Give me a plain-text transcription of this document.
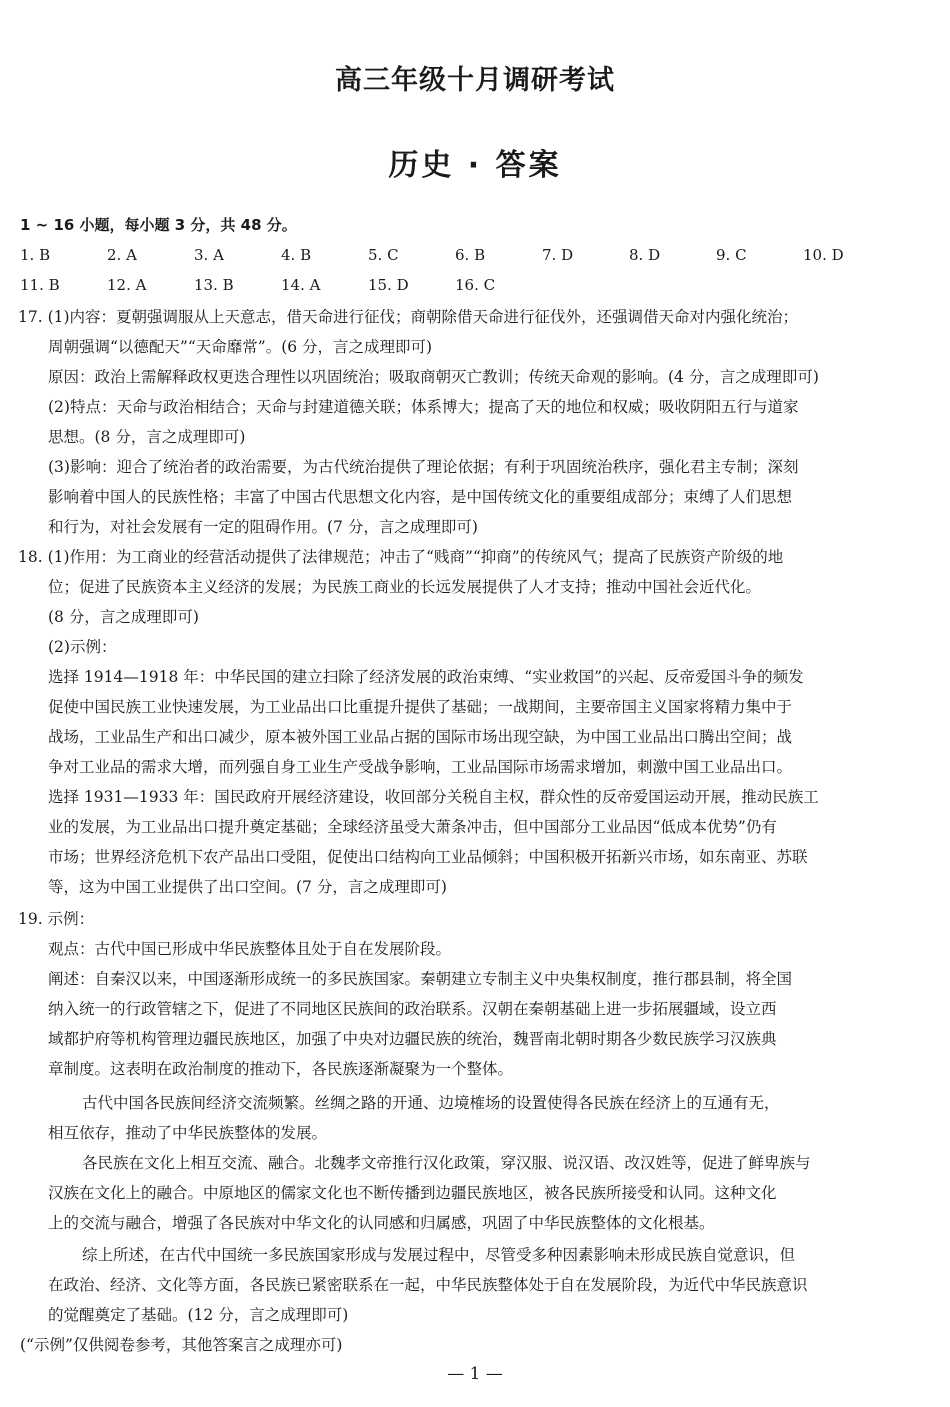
高三年级十月调研考试
历史 · 答案
1 ~ 16 小题，每小题 3 分，共 48 分。
1. B	2. A	3. A	4. B	5. C	6. B	7. D	8. D	9. C	10. D
11. B	12. A	13. B	14. A	15. D	16. C
17. (1)内容：夏朝强调服从上天意志，借天命进行征伐；商朝除借天命进行征伐外，还强调借天命对内强化统治；
周朝强调“以德配天”“天命靡常”。(6 分，言之成理即可)
原因：政治上需解释政权更迭合理性以巩固统治；吸取商朝灭亡教训；传统天命观的影响。(4 分，言之成理即可)
(2)特点：天命与政治相结合；天命与封建道德关联；体系博大；提高了天的地位和权威；吸收阴阳五行与道家
思想。(8 分，言之成理即可)
(3)影响：迎合了统治者的政治需要，为古代统治提供了理论依据；有利于巩固统治秩序，强化君主专制；深刻
影响着中国人的民族性格；丰富了中国古代思想文化内容，是中国传统文化的重要组成部分；束缚了人们思想
和行为，对社会发展有一定的阻碍作用。(7 分，言之成理即可)
18. (1)作用：为工商业的经营活动提供了法律规范；冲击了“贱商”“抑商”的传统风气；提高了民族资产阶级的地
位；促进了民族资本主义经济的发展；为民族工商业的长远发展提供了人才支持；推动中国社会近代化。
(8 分，言之成理即可)
(2)示例：
选择 1914—1918 年：中华民国的建立扫除了经济发展的政治束缚、“实业救国”的兴起、反帝爱国斗争的频发
促使中国民族工业快速发展，为工业品出口比重提升提供了基础；一战期间，主要帝国主义国家将精力集中于
战场，工业品生产和出口减少，原本被外国工业品占据的国际市场出现空缺，为中国工业品出口腾出空间；战
争对工业品的需求大增，而列强自身工业生产受战争影响，工业品国际市场需求增加，刺激中国工业品出口。
选择 1931—1933 年：国民政府开展经济建设，收回部分关税自主权，群众性的反帝爱国运动开展，推动民族工
业的发展，为工业品出口提升奠定基础；全球经济虽受大萧条冲击，但中国部分工业品因“低成本优势”仍有
市场；世界经济危机下农产品出口受阻，促使出口结构向工业品倾斜；中国积极开拓新兴市场，如东南亚、苏联
等，这为中国工业提供了出口空间。(7 分，言之成理即可)
19. 示例：
观点：古代中国已形成中华民族整体且处于自在发展阶段。
阐述：自秦汉以来，中国逐渐形成统一的多民族国家。秦朝建立专制主义中央集权制度，推行郡县制，将全国
纳入统一的行政管辖之下，促进了不同地区民族间的政治联系。汉朝在秦朝基础上进一步拓展疆域，设立西
域都护府等机构管理边疆民族地区，加强了中央对边疆民族的统治，魏晋南北朝时期各少数民族学习汉族典
章制度。这表明在政治制度的推动下，各民族逐渐凝聚为一个整体。
古代中国各民族间经济交流频繁。丝绸之路的开通、边境榷场的设置使得各民族在经济上的互通有无，
相互依存，推动了中华民族整体的发展。
各民族在文化上相互交流、融合。北魏孝文帝推行汉化政策，穿汉服、说汉语、改汉姓等，促进了鲜卑族与
汉族在文化上的融合。中原地区的儒家文化也不断传播到边疆民族地区，被各民族所接受和认同。这种文化
上的交流与融合，增强了各民族对中华文化的认同感和归属感，巩固了中华民族整体的文化根基。
综上所述，在古代中国统一多民族国家形成与发展过程中，尽管受多种因素影响未形成民族自觉意识，但
在政治、经济、文化等方面，各民族已紧密联系在一起，中华民族整体处于自在发展阶段，为近代中华民族意识
的觉醒奠定了基础。(12 分，言之成理即可)
(“示例”仅供阅卷参考，其他答案言之成理亦可)
— 1 —
